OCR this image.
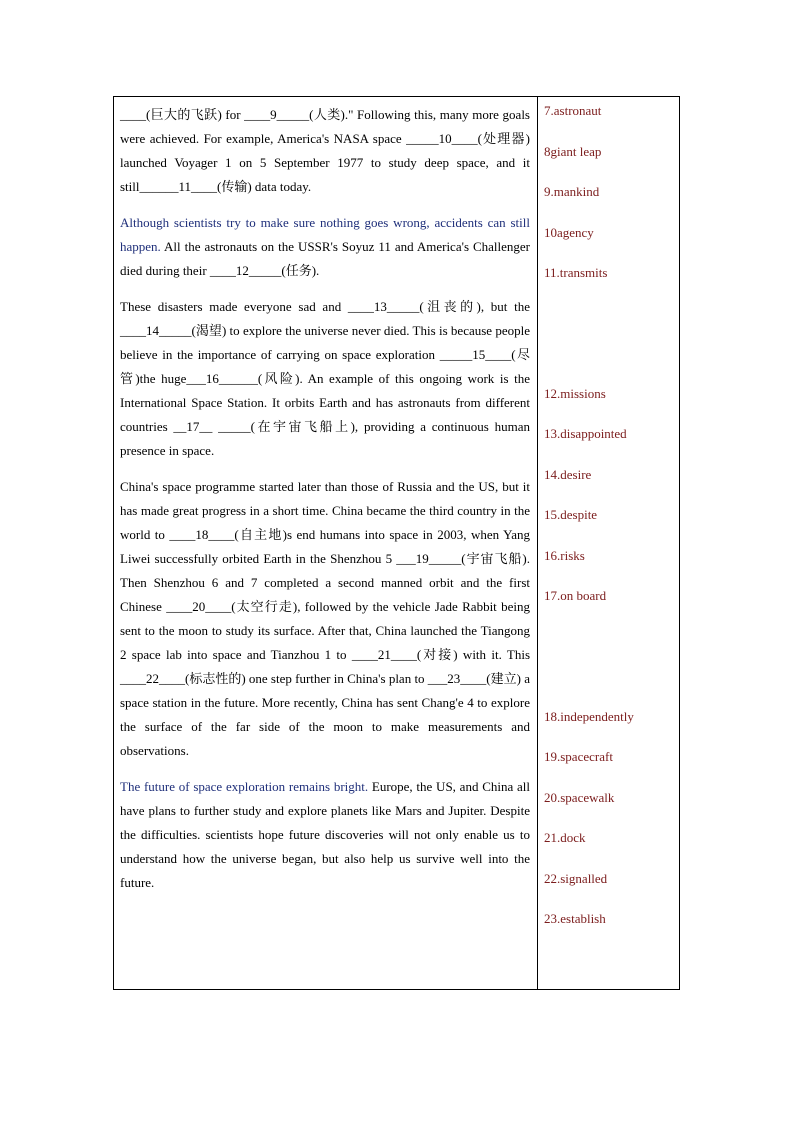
____(巨大的飞跃) for ____9_____(人类)." Following this, many more goals were achieved. For example, America's NASA space _____10____(处理器) launched Voyager 1 on 5 September 1977 to study deep space, and it still______11____(传输) data today.

Although scientists try to make sure nothing goes wrong, accidents can still happen. All the astronauts on the USSR's Soyuz 11 and America's Challenger died during their ____12_____(任务).

These disasters made everyone sad and ____13_____(沮丧的), but the ____14_____(渴望) to explore the universe never died. This is because people believe in the importance of carrying on space exploration _____15____(尽管)the huge___16______(风险). An example of this ongoing work is the International Space Station. It orbits Earth and has astronauts from different countries __17__ _____(在宇宙飞船上), providing a continuous human presence in space.

China's space programme started later than those of Russia and the US, but it has made great progress in a short time. China became the third country in the world to ____18____(自主地)s end humans into space in 2003, when Yang Liwei successfully orbited Earth in the Shenzhou 5 ___19_____(宇宙飞船). Then Shenzhou 6 and 7 completed a second manned orbit and the first Chinese ____20____(太空行走), followed by the vehicle Jade Rabbit being sent to the moon to study its surface. After that, China launched the Tiangong 2 space lab into space and Tianzhou 1 to ____21____(对接) with it. This ____22____(标志性的) one step further in China's plan to ___23____(建立) a space station in the future. More recently, China has sent Chang'e 4 to explore the surface of the far side of the moon to make measurements and observations.

The future of space exploration remains bright. Europe, the US, and China all have plans to further study and explore planets like Mars and Jupiter. Despite the difficulties. scientists hope future discoveries will not only enable us to understand how the universe began, but also help us survive well into the future.

7.astronaut
8giant leap
9.mankind
10agency
11.transmits
12.missions
13.disappointed
14.desire
15.despite
16.risks
17.on board
18.independently
19.spacecraft
20.spacewalk
21.dock
22.signalled
23.establish
